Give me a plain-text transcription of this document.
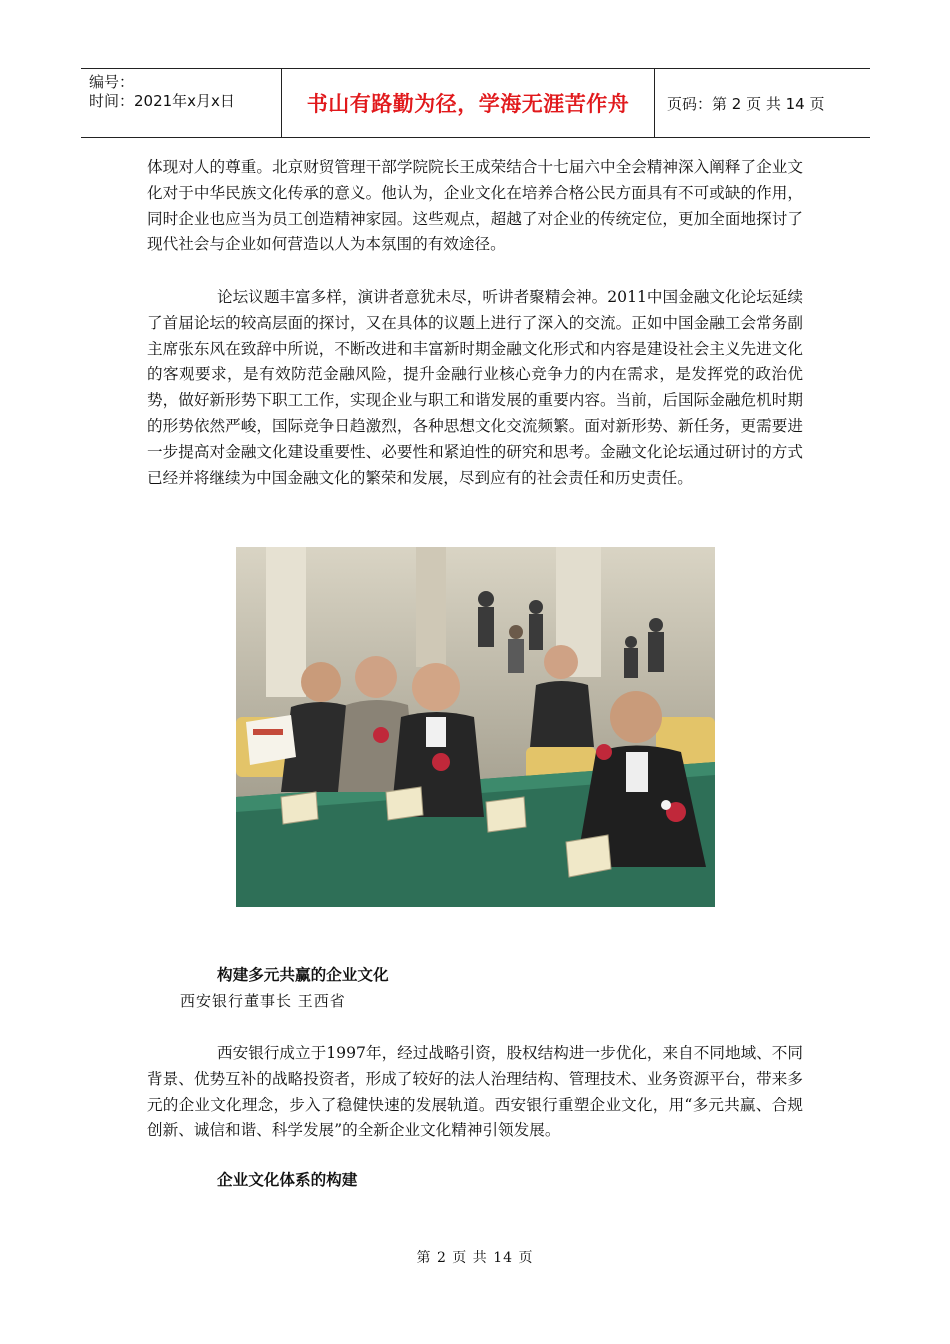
编号：
时间：2021年x月x日	书山有路勤为径，学海无涯苦作舟	页码：第 2 页 共 14 页

体现对人的尊重。北京财贸管理干部学院院长王成荣结合十七届六中全会精神深入阐释了企业文化对于中华民族文化传承的意义。他认为，企业文化在培养合格公民方面具有不可或缺的作用，同时企业也应当为员工创造精神家园。这些观点，超越了对企业的传统定位，更加全面地探讨了现代社会与企业如何营造以人为本氛围的有效途径。

论坛议题丰富多样，演讲者意犹未尽，听讲者聚精会神。2011中国金融文化论坛延续了首届论坛的较高层面的探讨，又在具体的议题上进行了深入的交流。正如中国金融工会常务副主席张东风在致辞中所说，不断改进和丰富新时期金融文化形式和内容是建设社会主义先进文化的客观要求，是有效防范金融风险，提升金融行业核心竞争力的内在需求，是发挥党的政治优势，做好新形势下职工工作，实现企业与职工和谐发展的重要内容。当前，后国际金融危机时期的形势依然严峻，国际竞争日趋激烈，各种思想文化交流频繁。面对新形势、新任务，更需要进一步提高对金融文化建设重要性、必要性和紧迫性的研究和思考。金融文化论坛通过研讨的方式已经并将继续为中国金融文化的繁荣和发展，尽到应有的社会责任和历史责任。

构建多元共赢的企业文化
西安银行董事长 王西省

西安银行成立于1997年，经过战略引资，股权结构进一步优化，来自不同地域、不同背景、优势互补的战略投资者，形成了较好的法人治理结构、管理技术、业务资源平台，带来多元的企业文化理念，步入了稳健快速的发展轨道。西安银行重塑企业文化，用“多元共赢、合规创新、诚信和谐、科学发展”的全新企业文化精神引领发展。

企业文化体系的构建
第 2 页 共 14 页
